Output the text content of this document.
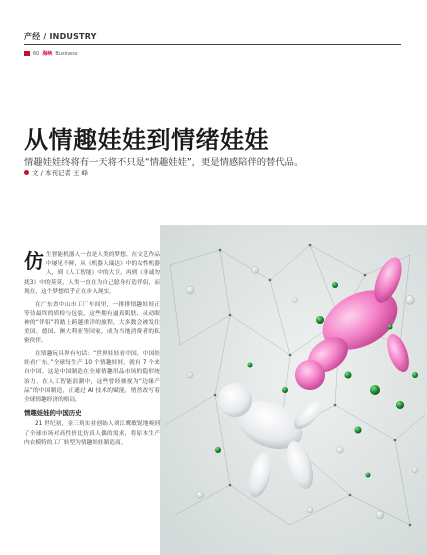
产经 / INDUSTRY
60 海峡 Business
从情趣娃娃到情绪娃娃
情趣娃娃终将有一天将不只是“情趣娃娃”，更是情感陪伴的替代品。
文 / 本刊记者 王 峰

仿生智能机器人一直是人类的梦想。在文艺作品中屡见不鲜，从《机器人瑞达》中的女性机器人，到《人工智能》中的大卫，再到《非诚勿扰3》中的莫莫，人类一直在为自己臆身打造伴侣，而现在，这个梦想似乎正在步入现实。

在广东省中山市工厂车间里，一排排情趣娃娃正等待最终的质检与包装，这些拥有逼真肌肤、灵动眼神的“伴侣”将踏上跨越重洋的旅程，大多数会被发往美国、德国、澳大利亚等国家，成为当地消费者的私密伙伴。

在情趣玩具界有句话：“世界娃娃看中国，中国娃娃看广东。”全球每生产 10 个情趣娃娃，就有 7 个来自中国。这是中国制造在全球情趣用品市场的隐形统治力。在人工智能浪潮中，这些曾经被视为“边缘产品”的中国制造，正通过 AI 技术的赋能，悄然改写着全球情趣经济的格局。

情趣娃娃的中国历史

21 世纪初，金三角实业创始人刘江鹰敏锐地嗅到了全球市场对高性价比仿真人偶的需求，将原本生产内衣模特的工厂转型为情趣娃娃制造商。
